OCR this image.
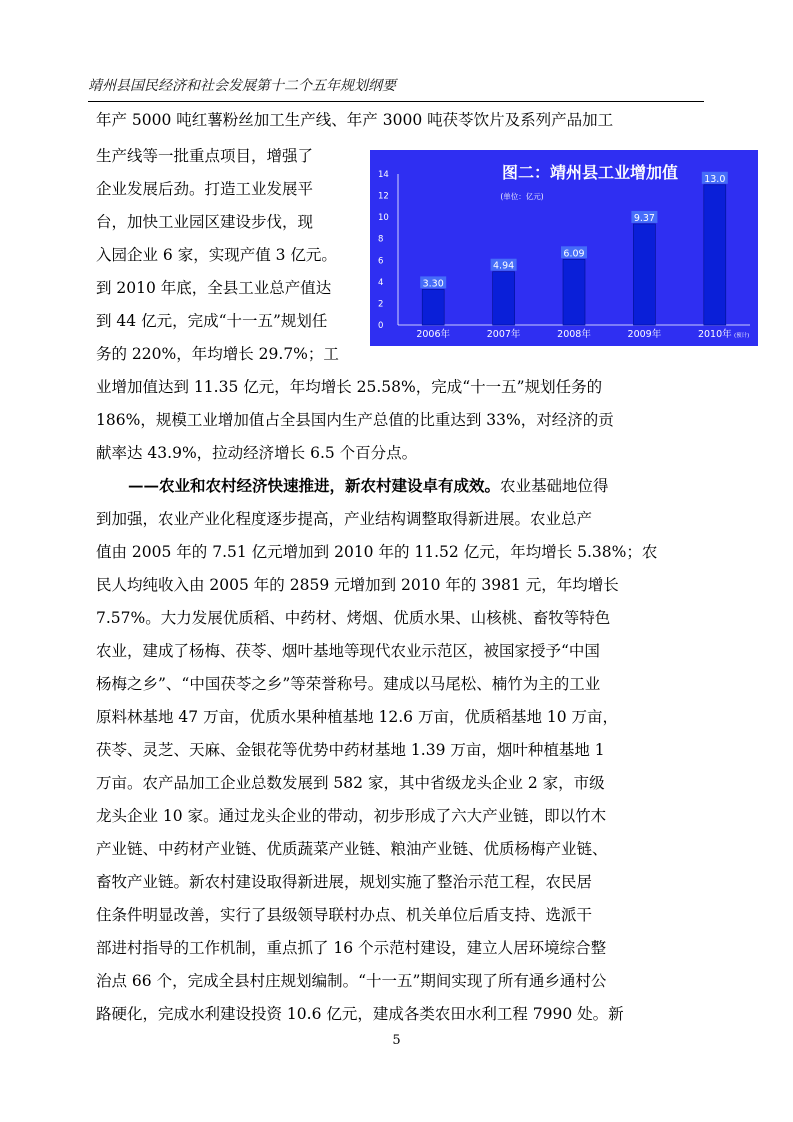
靖州县国民经济和社会发展第十二个五年规划纲要
年产 5000 吨红薯粉丝加工生产线、年产 3000 吨茯苓饮片及系列产品加工
生产线等一批重点项目，增强了
企业发展后劲。打造工业发展平
台，加快工业园区建设步伐，现
入园企业 6 家，实现产值 3 亿元。
到 2010 年底，全县工业总产值达
到 44 亿元，完成“十一五”规划任
务的 220%，年均增长 29.7%；工
业增加值达到 11.35 亿元，年均增长 25.58%，完成“十一五”规划任务的
186%，规模工业增加值占全县国内生产总值的比重达到 33%，对经济的贡
献率达 43.9%，拉动经济增长 6.5 个百分点。
——农业和农村经济快速推进，新农村建设卓有成效。农业基础地位得
到加强，农业产业化程度逐步提高，产业结构调整取得新进展。农业总产
值由 2005 年的 7.51 亿元增加到 2010 年的 11.52 亿元，年均增长 5.38%；农
民人均纯收入由 2005 年的 2859 元增加到 2010 年的 3981 元，年均增长
7.57%。大力发展优质稻、中药材、烤烟、优质水果、山核桃、畜牧等特色
农业，建成了杨梅、茯苓、烟叶基地等现代农业示范区，被国家授予“中国
杨梅之乡”、“中国茯苓之乡”等荣誉称号。建成以马尾松、楠竹为主的工业
原料林基地 47 万亩，优质水果种植基地 12.6 万亩，优质稻基地 10 万亩，
茯苓、灵芝、天麻、金银花等优势中药材基地 1.39 万亩，烟叶种植基地 1
万亩。农产品加工企业总数发展到 582 家，其中省级龙头企业 2 家，市级
龙头企业 10 家。通过龙头企业的带动，初步形成了六大产业链，即以竹木
产业链、中药材产业链、优质蔬菜产业链、粮油产业链、优质杨梅产业链、
畜牧产业链。新农村建设取得新进展，规划实施了整治示范工程，农民居
住条件明显改善，实行了县级领导联村办点、机关单位后盾支持、选派干
部进村指导的工作机制，重点抓了 16 个示范村建设，建立人居环境综合整
治点 66 个，完成全县村庄规划编制。“十一五”期间实现了所有通乡通村公
路硬化，完成水利建设投资 10.6 亿元，建成各类农田水利工程 7990 处。新
5
图二：靖州县工业增加值
(单位：亿元)
0
2
4
6
8
10
12
14
3.30
2006年
4.94
2007年
6.09
2008年
9.37
2009年
13.0
2010年 (预计)
